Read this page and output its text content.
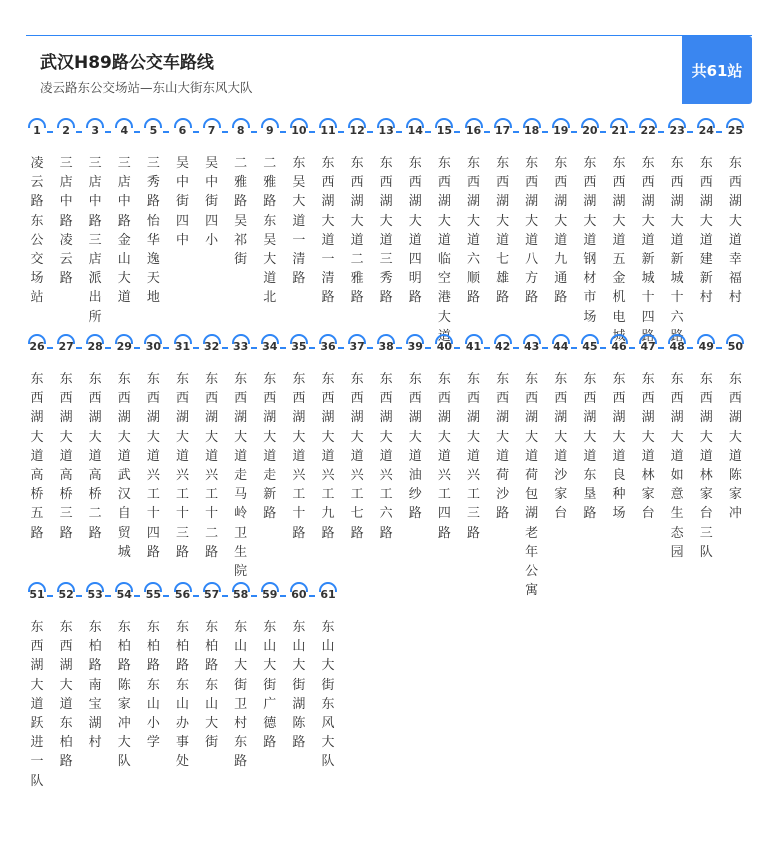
武汉H89路公交车路线
凌云路东公交场站—东山大街东风大队
共61站
1
凌云路东公交场站
2
三店中路凌云路
3
三店中路三店派出所
4
三店中路金山大道
5
三秀路怡华逸天地
6
吴中街四中
7
吴中街四小
8
二雅路吴祁街
9
二雅路东吴大道北
10
东吴大道一清路
11
东西湖大道一清路
12
东西湖大道二雅路
13
东西湖大道三秀路
14
东西湖大道四明路
15
东西湖大道临空港大道
16
东西湖大道六顺路
17
东西湖大道七雄路
18
东西湖大道八方路
19
东西湖大道九通路
20
东西湖大道钢材市场
21
东西湖大道五金机电城
22
东西湖大道新城十四路
23
东西湖大道新城十六路
24
东西湖大道建新村
25
东西湖大道幸福村
26
东西湖大道高桥五路
27
东西湖大道高桥三路
28
东西湖大道高桥二路
29
东西湖大道武汉自贸城
30
东西湖大道兴工十四路
31
东西湖大道兴工十三路
32
东西湖大道兴工十二路
33
东西湖大道走马岭卫生院
34
东西湖大道走新路
35
东西湖大道兴工十路
36
东西湖大道兴工九路
37
东西湖大道兴工七路
38
东西湖大道兴工六路
39
东西湖大道油纱路
40
东西湖大道兴工四路
41
东西湖大道兴工三路
42
东西湖大道荷沙路
43
东西湖大道荷包湖老年公寓
44
东西湖大道沙家台
45
东西湖大道东垦路
46
东西湖大道良种场
47
东西湖大道林家台
48
东西湖大道如意生态园
49
东西湖大道林家台三队
50
东西湖大道陈家冲
51
东西湖大道跃进一队
52
东西湖大道东柏路
53
东柏路南宝湖村
54
东柏路陈家冲大队
55
东柏路东山小学
56
东柏路东山办事处
57
东柏路东山大街
58
东山大街卫村东路
59
东山大街广德路
60
东山大街湖陈路
61
东山大街东风大队
